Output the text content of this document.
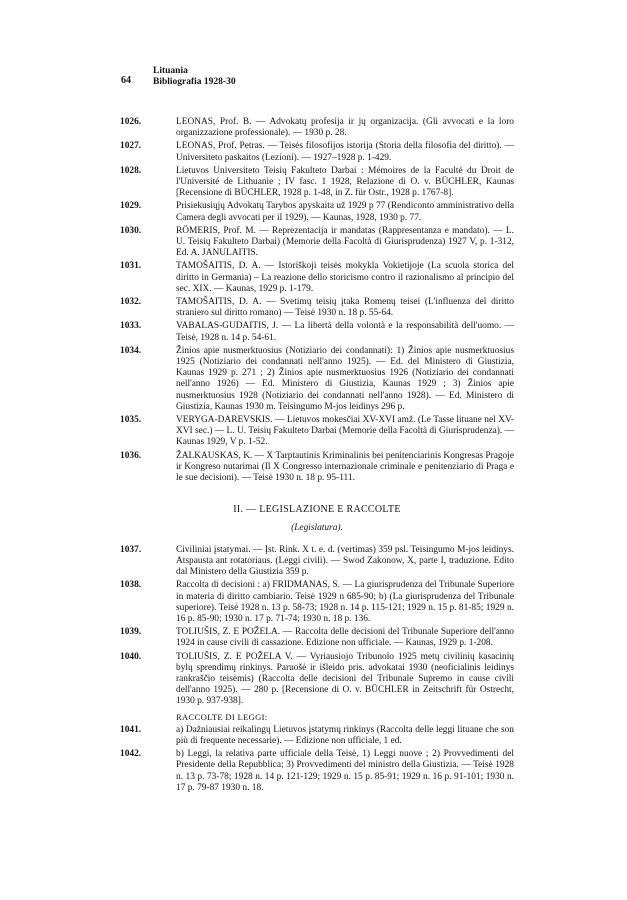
64
Lituania
Bibliografia 1928-30
1026.	LEONAS, Prof. B. — Advokatų profesija ir jų organizacija. (Gli avvocati e la loro organizzazione professionale). — 1930 p. 28.
1027.	LEONAS, Prof. Petras. — Teisės filosofijos istorija (Storia della filosofia del diritto). — Universiteto paskaitos (Lezioni). — 1927–1928 p. 1-429.
1028.	Lietuvos Universiteto Teisių Fakulteto Darbai : Mémoires de la Faculté du Droit de l'Université de Lithuanie ; IV fasc. 1 1928, Relazione di O. v. BÜCHLER, Kaunas [Recensione di BÜCHLER, 1928 p. 1-48, in Z. für Ostr., 1928 p. 1767-8].
1029.	Prisiekusiųjų Advokatų Tarybos apyskaita už 1929 p 77 (Rendiconto amministrativo della Camera degli avvocati per il 1929). — Kaunas, 1928, 1930 p. 77.
1030.	RÖMERIS, Prof. M. — Reprezentacija ir mandatas (Rappresentanza e mandato). — L. U. Teisių Fakulteto Darbai) (Memorie della Facoltà di Giurisprudenza) 1927 V, p. 1-312, Ed. A. JANULAITIS.
1031.	TAMOŠAITIS, D. A. — Istoriškoji teisės mokykla Vokietijoje (La scuola storica del diritto in Germania) – La reazione dello storicismo contro il razionalismo al principio del sec. XIX. — Kaunas, 1929 p. 1-179.
1032.	TAMOŠAITIS, D. A. — Svetimų teisių įtaka Romenų teisei (L'influenza del diritto straniero sul diritto romano) — Teisė 1930 n. 18 p. 55-64.
1033.	VABALAS-GUDAITIS, J. — La libertà della volontà e la responsabilità dell'uomo. — Teisė, 1928 n. 14 p. 54-61.
1034.	Žinios apie nusmerktuosius (Notiziario dei condannati): 1) Žinios apie nusmerktuosius 1925 (Notiziario dei condannati nell'anno 1925). — Ed. del Ministero di Giustizia, Kaunas 1929 p. 271 ; 2) Žinios apie nusmerktuosius 1926 (Notiziario dei condannati nell'anno 1926) — Ed. Ministero di Giustizia, Kaunas 1929 ; 3) Žinios apie nusmerktuosius 1928 (Notiziario dei condannati nell'anno 1928). — Ed. Ministero di Giustizia, Kaunas 1930 m. Teisingumo M-jos leidinys 296 p.
1035.	VERYGA-DAREVSKIS. — Lietuvos mokesčiai XV-XVI amž. (Le Tasse lituane nel XV-XVI sec.) — L. U. Teisių Fakulteto Darbai (Memorie della Facoltà di Giurisprudenza). — Kaunas 1929, V p. 1-52.
1036.	ŽALKAUSKAS, K. — X Tarptautinis Kriminalinis bei penitenciarinis Kongresas Pragoje ir Kongreso nutarimai (Il X Congresso internazionale criminale e penitenziario di Praga e le sue decisioni). — Teisė 1930 n. 18 p. 95-111.
II. — LEGISLAZIONE E RACCOLTE
(Legislatura).
1037.	Civiliniai įstatymai. — Įst. Rink. X t. e. d. (vertimas) 359 psl. Teisingumo M-jos leidinys. Atspausta ant rotatoriaus. (Leggi civili). — Swod Zakonow, X, parte I, traduzione. Edito dal Ministero della Giustizia 359 p.
1038.	Raccolta di decisioni : a) FRIDMANAS, S. — La giurisprudenza del Tribunale Superiore in materia di diritto cambiario. Teisė 1929 n 685-90; b) (La giurisprudenza del Tribunale superiore). Teisė 1928 n. 13 p. 58-73; 1928 n. 14 p. 115-121; 1929 n. 15 p. 81-85; 1929 n. 16 p. 85-90; 1930 n. 17 p. 71-74; 1930 n. 18 p. 136.
1039.	TOLIUŠIS, Z. E POŽELA. — Raccolta delle decisioni del Tribunale Superiore dell'anno 1924 in cause civili di cassazione. Edizione non ufficiale. — Kaunas, 1929 p. 1-208.
1040.	TOLIUŠIS, Z. E POŽELA V. — Vyriausiojo Tribunolo 1925 metų civilinių kasacinių bylų sprendimų rinkinys. Paruošė ir išleido pris. advokatai 1930 (neoficialinis leidinys rankraščio teisėmis) (Raccolta delle decisioni del Tribunale Supremo in cause civili dell'anno 1925). — 280 p. [Recensione di O. v. BÜCHLER in Zeitschrift für Ostrecht, 1930 p. 937-938].
RACCOLTE DI LEGGI:
1041.	a) Dažniausiai reikalingų Lietuvos įstatymų rinkinys (Raccolta delle leggi lituane che son più di frequente necessarie). — Edizione non ufficiale, 1 ed.
1042.	b) Leggi, la relativa parte ufficiale della Teisė, 1) Leggi nuove ; 2) Provvedimenti del Presidente della Repubblica; 3) Provvedimenti del ministro della Giustizia. — Teisė 1928 n. 13 p. 73-78; 1928 n. 14 p. 121-129; 1929 n. 15 p. 85-91; 1929 n. 16 p. 91-101; 1930 n. 17 p. 79-87 1930 n. 18.
